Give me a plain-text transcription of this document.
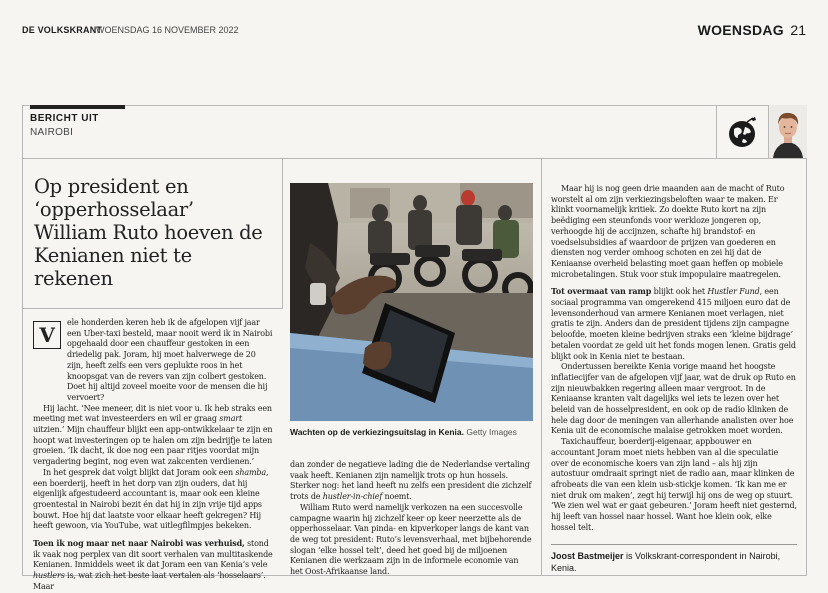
DE VOLKSKRANT
WOENSDAG 16 NOVEMBER 2022	WOENSDAG 21
BERICHT UIT
NAIROBI
Op president en ‘opperhosselaar’ William Ruto hoeven de Kenianen niet te rekenen
V

ele honderden keren heb ik de afgelopen vijf jaar een Uber-taxi besteld, maar nooit werd ik in Nairobi opgehaald door een chauffeur gestoken in een driedelig pak. Joram, hij moet halverwege de 20 zijn, heeft zelfs een vers geplukte roos in het knoopsgat van de revers van zijn colbert gestoken. Doet hij altijd zoveel moeite voor de mensen die hij vervoert?

Hij lacht. ‘Nee meneer, dit is niet voor u. Ik heb straks een meeting met wat investeerders en wil er graag smart uitzien.’ Mijn chauffeur blijkt een app-ontwikkelaar te zijn en hoopt wat investeringen op te halen om zijn bedrijfje te laten groeien. ‘Ik dacht, ik doe nog een paar ritjes voordat mijn vergadering begint, nog even wat zakcenten verdienen.’

In het gesprek dat volgt blijkt dat Joram ook een shamba, een boerderij, heeft in het dorp van zijn ouders, dat hij eigenlijk afgestudeerd accountant is, maar ook een kleine groentestal in Nairobi bezit én dat hij in zijn vrije tijd apps bouwt. Hoe hij dat laatste voor elkaar heeft gekregen? Hij heeft gewoon, via YouTube, wat uitlegfilmpjes bekeken.

Toen ik nog maar net naar Nairobi was verhuisd, stond ik vaak nog perplex van dit soort verhalen van multitaskende Kenianen. Inmiddels weet ik dat Joram een van Kenia’s vele hustlers is, wat zich het beste laat vertalen als ‘hosselaars’. Maar

Wachten op de verkiezingsuitslag in Kenia. Getty Images

dan zonder de negatieve lading die de Nederlandse vertaling vaak heeft. Kenianen zijn namelijk trots op hun hossels. Sterker nog: het land heeft nu zelfs een president die zichzelf trots de hustler-in-chief noemt.

William Ruto werd namelijk verkozen na een succesvolle campagne waarin hij zichzelf keer op keer neerzette als de opperhosselaar. Van pinda- en kipverkoper langs de kant van de weg tot president: Ruto’s levensverhaal, met bijbehorende slogan ‘elke hossel telt’, deed het goed bij de miljoenen Kenianen die werkzaam zijn in de informele economie van het Oost-Afrikaanse land.

Maar hij is nog geen drie maanden aan de macht of Ruto worstelt al om zijn verkiezingsbeloften waar te maken. Er klinkt voornamelijk kritiek. Zo doekte Ruto kort na zijn beëdiging een steunfonds voor werkloze jongeren op, verhoogde hij de accijnzen, schafte hij brandstof- en voedselsubsidies af waardoor de prijzen van goederen en diensten nog verder omhoog schoten en zei hij dat de Keniaanse overheid belasting moet gaan heffen op mobiele microbetalingen. Stuk voor stuk impopulaire maatregelen.

Tot overmaat van ramp blijkt ook het Hustler Fund, een sociaal programma van omgerekend 415 miljoen euro dat de levensonderhoud van armere Kenianen moet verlagen, niet gratis te zijn. Anders dan de president tijdens zijn campagne beloofde, moeten kleine bedrijven straks een ‘kleine bijdrage’ betalen voordat ze geld uit het fonds mogen lenen. Gratis geld blijkt ook in Kenia niet te bestaan.

Ondertussen bereikte Kenia vorige maand het hoogste inflatiecijfer van de afgelopen vijf jaar, wat de druk op Ruto en zijn nieuwbakken regering alleen maar vergroot. In de Keniaanse kranten valt dagelijks wel iets te lezen over het beleid van de hosselpresident, en ook op de radio klinken de hele dag door de meningen van allerhande analisten over hoe Kenia uit de economische malaise getrokken moet worden.

Taxichauffeur, boerderij-eigenaar, appbouwer en accountant Joram moet niets hebben van al die speculatie over de economische koers van zijn land – als hij zijn autostuur omdraait springt niet de radio aan, maar klinken de afrobeats die van een klein usb-stickje komen. ‘Ik kan me er niet druk om maken’, zegt hij terwijl hij ons de weg op stuurt. ‘We zien wel wat er gaat gebeuren.’ Joram heeft niet gesternd, hij leeft van hossel naar hossel. Want hoe klein ook, elke hossel telt.

Joost Bastmeijer is Volkskrant-correspondent in Nairobi, Kenia.
